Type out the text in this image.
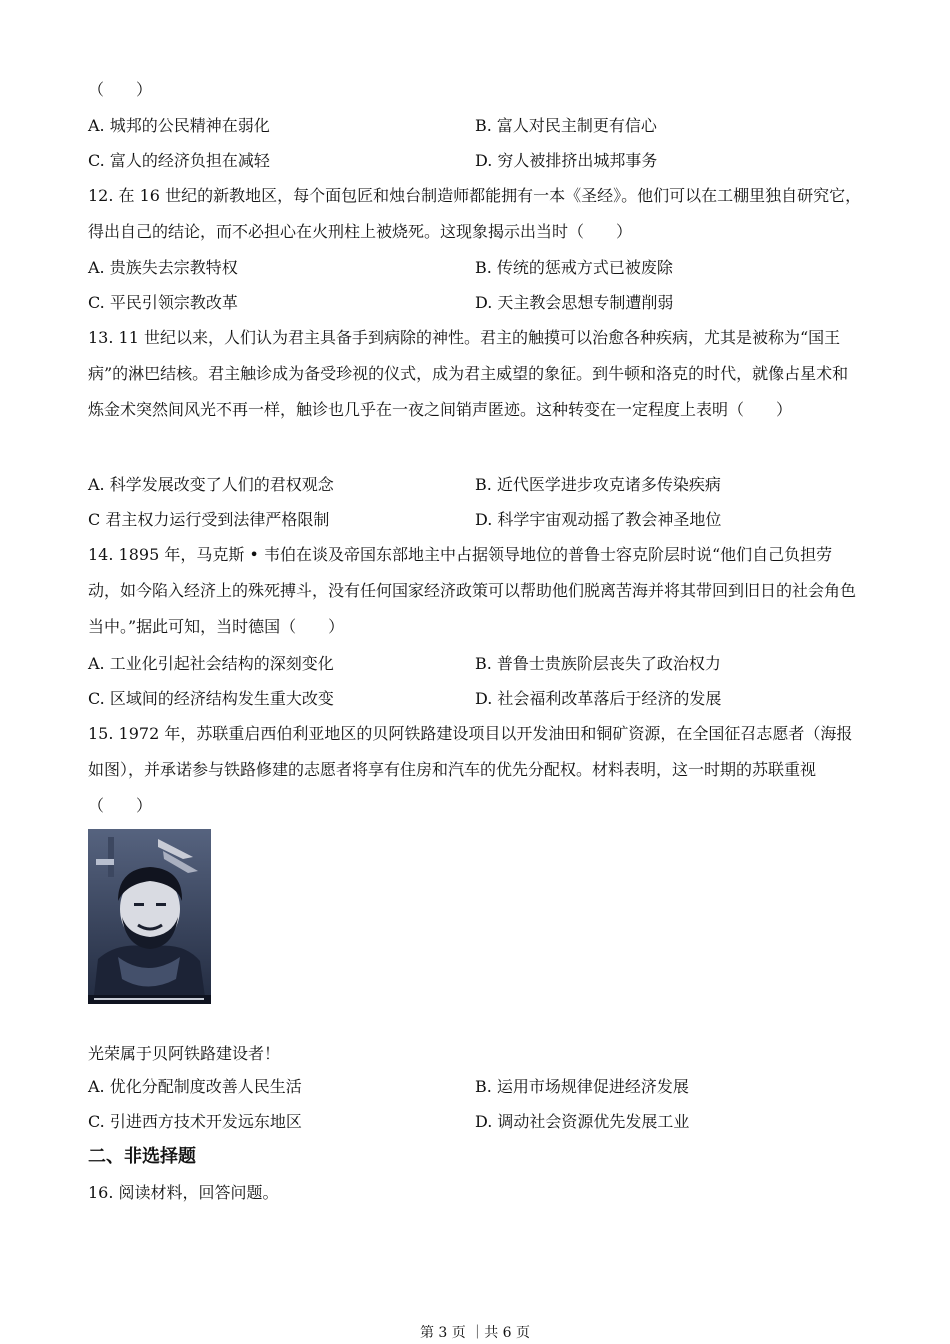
（　　）
A. 城邦的公民精神在弱化	B. 富人对民主制更有信心
C. 富人的经济负担在减轻	D. 穷人被排挤出城邦事务
12. 在 16 世纪的新教地区，每个面包匠和烛台制造师都能拥有一本《圣经》。他们可以在工棚里独自研究它，得出自己的结论，而不必担心在火刑柱上被烧死。这现象揭示出当时（　　）
A. 贵族失去宗教特权	B. 传统的惩戒方式已被废除
C. 平民引领宗教改革	D. 天主教会思想专制遭削弱
13. 11 世纪以来，人们认为君主具备手到病除的神性。君主的触摸可以治愈各种疾病，尤其是被称为“国王病”的淋巴结核。君主触诊成为备受珍视的仪式，成为君主威望的象征。到牛顿和洛克的时代，就像占星术和炼金术突然间风光不再一样，触诊也几乎在一夜之间销声匿迹。这种转变在一定程度上表明（　　）
A. 科学发展改变了人们的君权观念	B. 近代医学进步攻克诸多传染疾病
C 君主权力运行受到法律严格限制	D. 科学宇宙观动摇了教会神圣地位
14. 1895 年，马克斯 • 韦伯在谈及帝国东部地主中占据领导地位的普鲁士容克阶层时说“他们自己负担劳动，如今陷入经济上的殊死搏斗，没有任何国家经济政策可以帮助他们脱离苦海并将其带回到旧日的社会角色当中。”据此可知，当时德国（　　）
A. 工业化引起社会结构的深刻变化	B. 普鲁士贵族阶层丧失了政治权力
C. 区域间的经济结构发生重大改变	D. 社会福利改革落后于经济的发展
15. 1972 年，苏联重启西伯利亚地区的贝阿铁路建设项目以开发油田和铜矿资源，在全国征召志愿者（海报如图），并承诺参与铁路修建的志愿者将享有住房和汽车的优先分配权。材料表明，这一时期的苏联重视（　　）
光荣属于贝阿铁路建设者！
A. 优化分配制度改善人民生活	B. 运用市场规律促进经济发展
C. 引进西方技术开发远东地区	D. 调动社会资源优先发展工业
二、非选择题
16. 阅读材料，回答问题。
第 3 页 ｜共 6 页
